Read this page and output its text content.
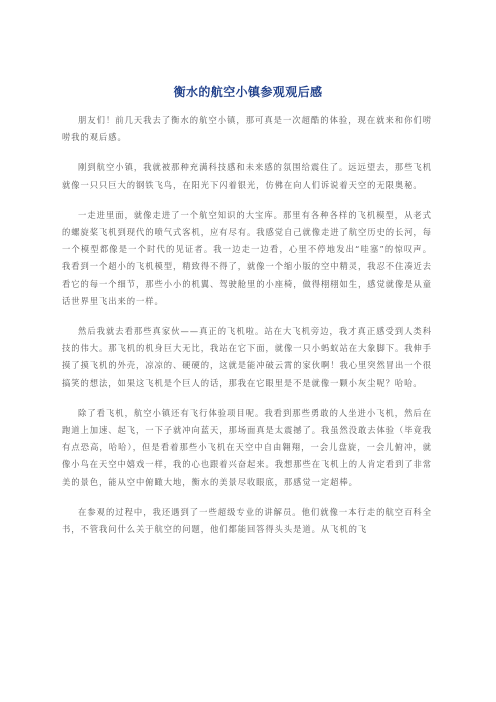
衡水的航空小镇参观观后感

朋友们！前几天我去了衡水的航空小镇，那可真是一次超酷的体验，现在就来和你们唠唠我的观后感。

刚到航空小镇，我就被那种充满科技感和未来感的氛围给震住了。远远望去，那些飞机就像一只只巨大的钢铁飞鸟，在阳光下闪着银光，仿佛在向人们诉说着天空的无限奥秘。

一走进里面，就像走进了一个航空知识的大宝库。那里有各种各样的飞机模型，从老式的螺旋桨飞机到现代的喷气式客机，应有尽有。我感觉自己就像走进了航空历史的长河，每一个模型都像是一个时代的见证者。我一边走一边看，心里不停地发出“哇塞”的惊叹声。我看到一个超小的飞机模型，精致得不得了，就像一个缩小版的空中精灵，我忍不住凑近去看它的每一个细节，那些小小的机翼、驾驶舱里的小座椅，做得栩栩如生，感觉就像是从童话世界里飞出来的一样。

然后我就去看那些真家伙——真正的飞机啦。站在大飞机旁边，我才真正感受到人类科技的伟大。那飞机的机身巨大无比，我站在它下面，就像一只小蚂蚁站在大象脚下。我伸手摸了摸飞机的外壳，凉凉的、硬硬的，这就是能冲破云霄的家伙啊！我心里突然冒出一个很搞笑的想法，如果这飞机是个巨人的话，那我在它眼里是不是就像一颗小灰尘呢？哈哈。

除了看飞机，航空小镇还有飞行体验项目呢。我看到那些勇敢的人坐进小飞机，然后在跑道上加速、起飞，一下子就冲向蓝天，那场面真是太震撼了。我虽然没敢去体验（毕竟我有点恐高，哈哈），但是看着那些小飞机在天空中自由翱翔，一会儿盘旋，一会儿俯冲，就像小鸟在天空中嬉戏一样，我的心也跟着兴奋起来。我想那些在飞机上的人肯定看到了非常美的景色，能从空中俯瞰大地，衡水的美景尽收眼底，那感觉一定超棒。

在参观的过程中，我还遇到了一些超级专业的讲解员。他们就像一本行走的航空百科全书，不管我问什么关于航空的问题，他们都能回答得头头是道。从飞机的飞
